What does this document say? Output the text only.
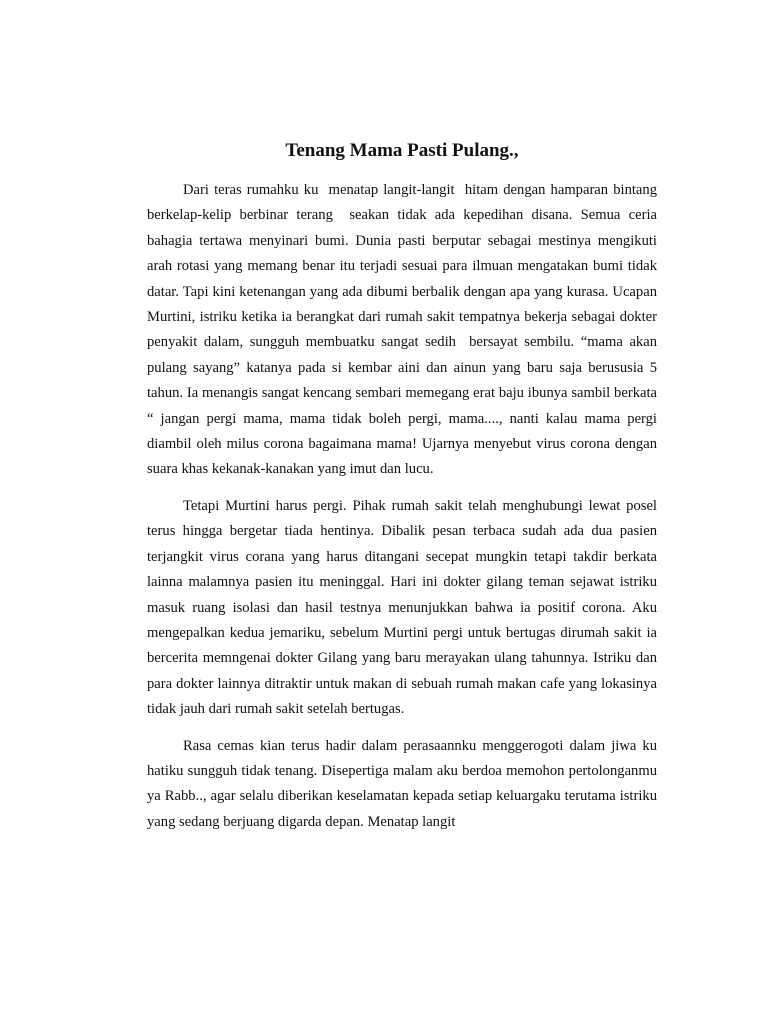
Tenang Mama Pasti Pulang.,

Dari teras rumahku ku  menatap langit-langit  hitam dengan hamparan bintang berkelap-kelip berbinar terang  seakan tidak ada kepedihan disana. Semua ceria bahagia tertawa menyinari bumi. Dunia pasti berputar sebagai mestinya mengikuti arah rotasi yang memang benar itu terjadi sesuai para ilmuan mengatakan bumi tidak datar. Tapi kini ketenangan yang ada dibumi berbalik dengan apa yang kurasa. Ucapan Murtini, istriku ketika ia berangkat dari rumah sakit tempatnya bekerja sebagai dokter penyakit dalam, sungguh membuatku sangat sedih  bersayat sembilu. “mama akan pulang sayang” katanya pada si kembar aini dan ainun yang baru saja berususia 5 tahun. Ia menangis sangat kencang sembari memegang erat baju ibunya sambil berkata “ jangan pergi mama, mama tidak boleh pergi, mama...., nanti kalau mama pergi diambil oleh milus corona bagaimana mama! Ujarnya menyebut virus corona dengan suara khas kekanak-kanakan yang imut dan lucu.

Tetapi Murtini harus pergi. Pihak rumah sakit telah menghubungi lewat posel terus hingga bergetar tiada hentinya. Dibalik pesan terbaca sudah ada dua pasien terjangkit virus corana yang harus ditangani secepat mungkin tetapi takdir berkata lainna malamnya pasien itu meninggal. Hari ini dokter gilang teman sejawat istriku masuk ruang isolasi dan hasil testnya menunjukkan bahwa ia positif corona. Aku mengepalkan kedua jemariku, sebelum Murtini pergi untuk bertugas dirumah sakit ia bercerita memngenai dokter Gilang yang baru merayakan ulang tahunnya. Istriku dan para dokter lainnya ditraktir untuk makan di sebuah rumah makan cafe yang lokasinya tidak jauh dari rumah sakit setelah bertugas.

Rasa cemas kian terus hadir dalam perasaannku menggerogoti dalam jiwa ku hatiku sungguh tidak tenang. Disepertiga malam aku berdoa memohon pertolonganmu ya Rabb.., agar selalu diberikan keselamatan kepada setiap keluargaku terutama istriku yang sedang berjuang digarda depan. Menatap langit
